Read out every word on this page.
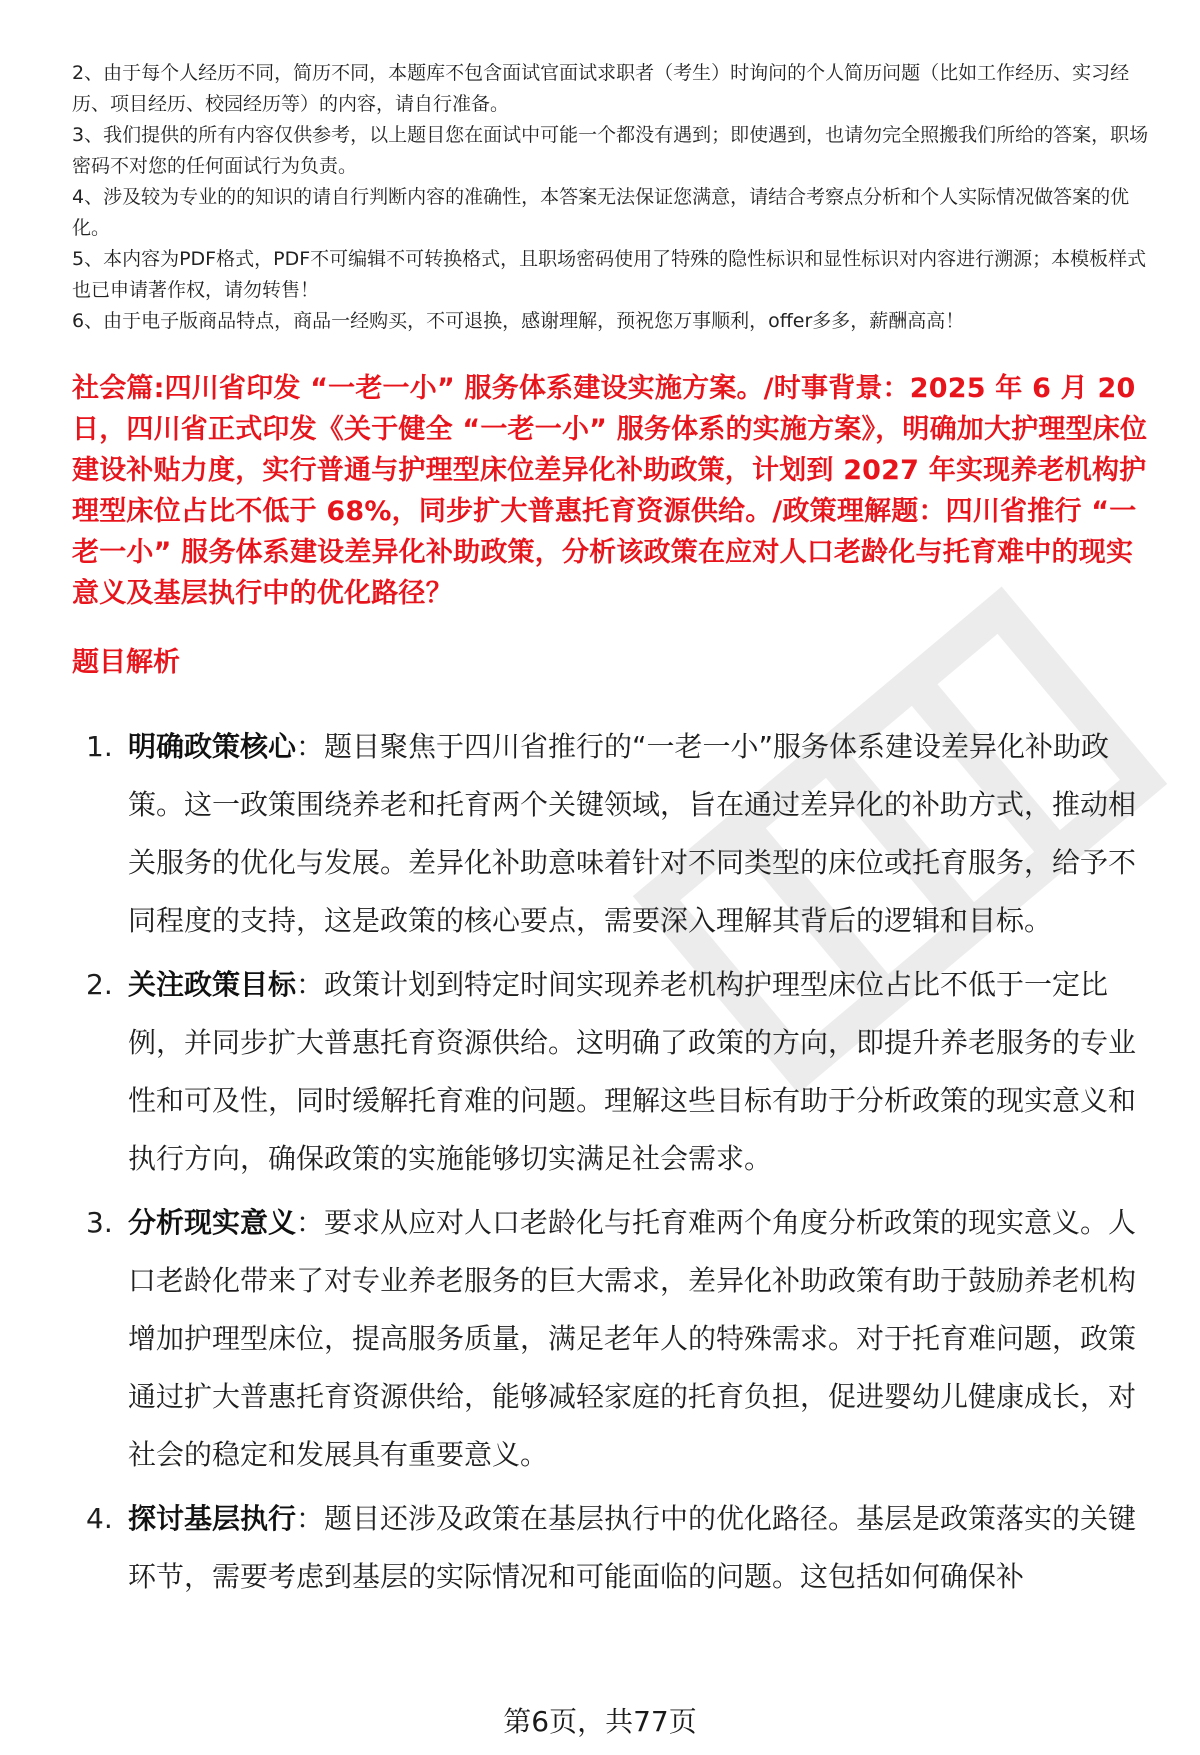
2、由于每个人经历不同，简历不同，本题库不包含面试官面试求职者（考生）时询问的个人简历问题（比如工作经历、实习经历、项目经历、校园经历等）的内容，请自行准备。

3、我们提供的所有内容仅供参考，以上题目您在面试中可能一个都没有遇到；即使遇到，也请勿完全照搬我们所给的答案，职场密码不对您的任何面试行为负责。

4、涉及较为专业的的知识的请自行判断内容的准确性，本答案无法保证您满意，请结合考察点分析和个人实际情况做答案的优化。

5、本内容为PDF格式，PDF不可编辑不可转换格式，且职场密码使用了特殊的隐性标识和显性标识对内容进行溯源；本模板样式也已申请著作权，请勿转售！

6、由于电子版商品特点，商品一经购买，不可退换，感谢理解，预祝您万事顺利，offer多多，薪酬高高！

社会篇:四川省印发 “一老一小” 服务体系建设实施方案。/时事背景：2025 年 6 月 20 日，四川省正式印发《关于健全 “一老一小” 服务体系的实施方案》，明确加大护理型床位建设补贴力度，实行普通与护理型床位差异化补助政策，计划到 2027 年实现养老机构护理型床位占比不低于 68%，同步扩大普惠托育资源供给。/政策理解题：四川省推行 “一老一小” 服务体系建设差异化补助政策，分析该政策在应对人口老龄化与托育难中的现实意义及基层执行中的优化路径？

题目解析
1. 明确政策核心：题目聚焦于四川省推行的“一老一小”服务体系建设差异化补助政策。这一政策围绕养老和托育两个关键领域，旨在通过差异化的补助方式，推动相关服务的优化与发展。差异化补助意味着针对不同类型的床位或托育服务，给予不同程度的支持，这是政策的核心要点，需要深入理解其背后的逻辑和目标。
2. 关注政策目标：政策计划到特定时间实现养老机构护理型床位占比不低于一定比例，并同步扩大普惠托育资源供给。这明确了政策的方向，即提升养老服务的专业性和可及性，同时缓解托育难的问题。理解这些目标有助于分析政策的现实意义和执行方向，确保政策的实施能够切实满足社会需求。
3. 分析现实意义：要求从应对人口老龄化与托育难两个角度分析政策的现实意义。人口老龄化带来了对专业养老服务的巨大需求，差异化补助政策有助于鼓励养老机构增加护理型床位，提高服务质量，满足老年人的特殊需求。对于托育难问题，政策通过扩大普惠托育资源供给，能够减轻家庭的托育负担，促进婴幼儿健康成长，对社会的稳定和发展具有重要意义。
4. 探讨基层执行：题目还涉及政策在基层执行中的优化路径。基层是政策落实的关键环节，需要考虑到基层的实际情况和可能面临的问题。这包括如何确保补
第6页，共77页
